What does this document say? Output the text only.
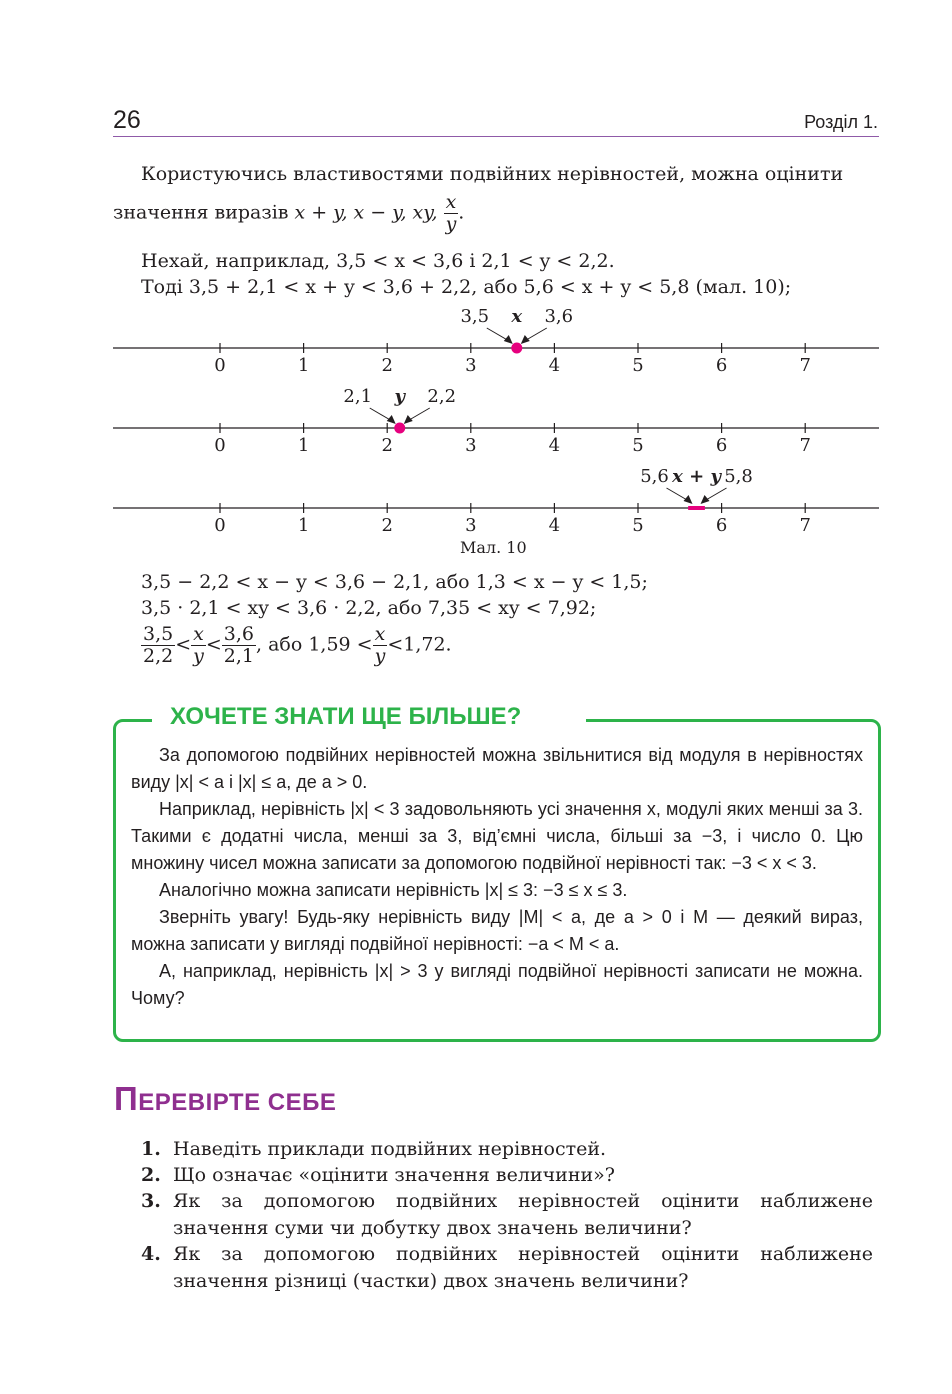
26	Розділ 1.
Користуючись властивостями подвійних нерівностей, можна оцінити
значення виразів x + y, x − y, xy, $\frac{x}{y}$ .
Нехай, наприклад, 3,5 < x < 3,6 і 2,1 < y < 2,2.
Тоді 3,5 + 2,1 < x + y < 3,6 + 2,2, або 5,6 < x + y < 5,8 (мал. 10);
0	1	2	3	4	5	6	7
3,5	3,6
x
0	1	2	3	4	5	6	7
2,1	2,2
y
0	1	2	3	4	5	6	7
5,6	5,8
x + y
Мал. 10
3,5 − 2,2 < x − y < 3,6 − 2,1, або 1,3 < x − y < 1,5;
3,5 · 2,1 < xy < 3,6 · 2,2, або 7,35 < xy < 7,92;
$\frac{3,5}{2,2} < \frac{x}{y} < \frac{3,6}{2,1}$ , або $1,59 < \frac{x}{y} <1,72$.
ХОЧЕТЕ ЗНАТИ ЩЕ БІЛЬШЕ?

За допомогою подвійних нерівностей можна звільнитися від модуля в нерівностях виду |x| < a і |x| ≤ a, де a > 0.

Наприклад, нерівність |x| < 3 задовольняють усі значення x, модулі яких менші за 3. Такими є додатні числа, менші за 3, від’ємні числа, більші за −3, і число 0. Цю множину чисел можна записати за допомогою подвійної нерівності так: −3 < x < 3.

Аналогічно можна записати нерівність |x| ≤ 3: −3 ≤ x ≤ 3.

Зверніть увагу! Будь-яку нерівність виду |M| < a, де a > 0 і M — деякий вираз, можна записати у вигляді подвійної нерівності: −a < M < a.

А, наприклад, нерівність |x| > 3 у вигляді подвійної нерівності записати не можна. Чому?

ПЕРЕВІРТЕ СЕБЕ
1. Наведіть приклади подвійних нерівностей.
2. Що означає «оцінити значення величини»?
3. Як за допомогою подвійних нерівностей оцінити наближене значення суми чи добутку двох значень величини?
4. Як за допомогою подвійних нерівностей оцінити наближене значення різниці (частки) двох значень величини?
